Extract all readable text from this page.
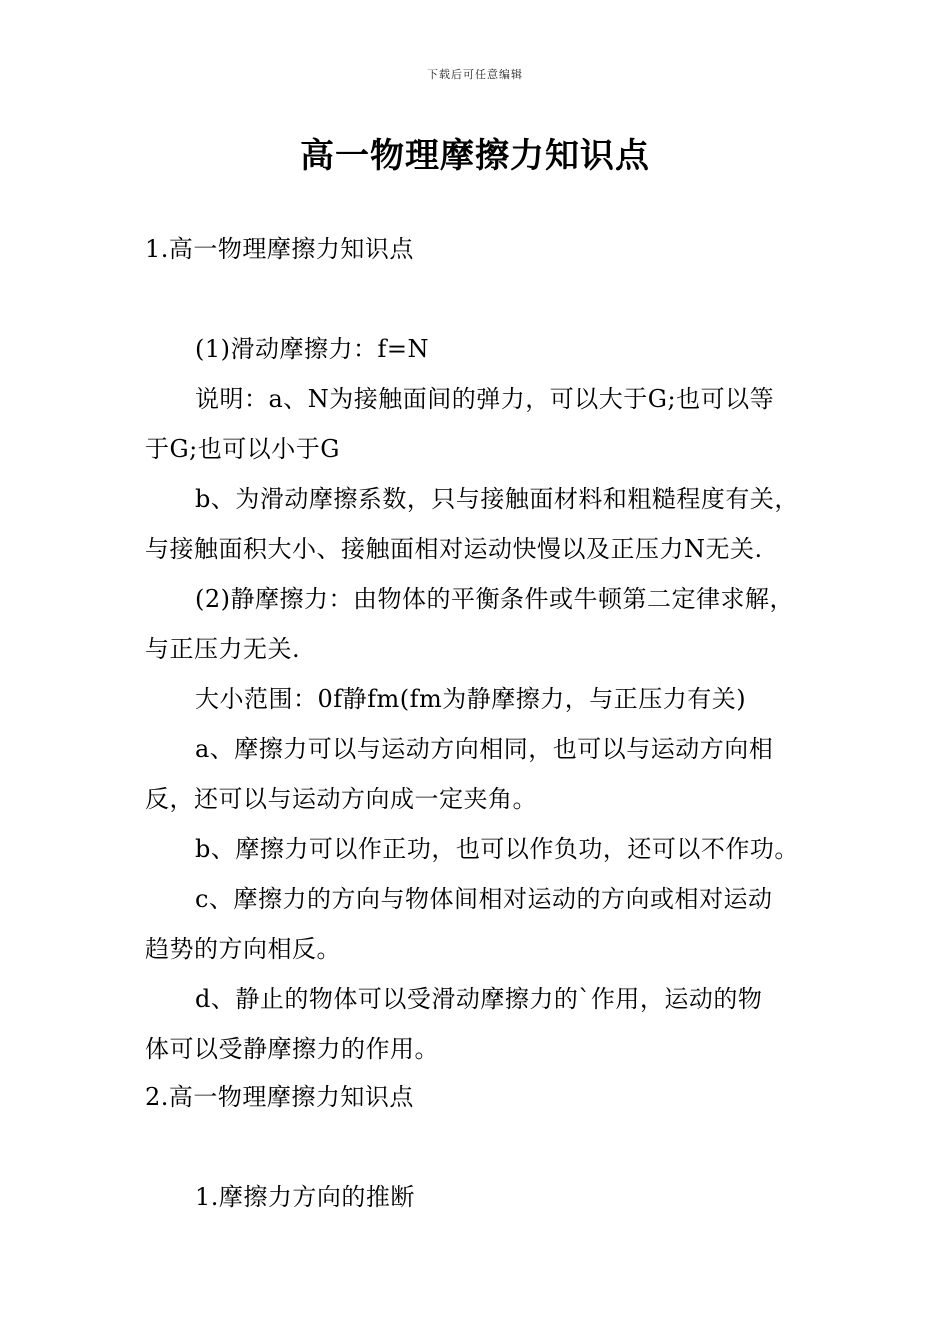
下载后可任意编辑
高一物理摩擦力知识点
1.高一物理摩擦力知识点
(1)滑动摩擦力：f=N
说明：a、N为接触面间的弹力，可以大于G;也可以等
于G;也可以小于G
b、为滑动摩擦系数，只与接触面材料和粗糙程度有关，
与接触面积大小、接触面相对运动快慢以及正压力N无关.
(2)静摩擦力：由物体的平衡条件或牛顿第二定律求解，
与正压力无关.
大小范围：0f静fm(fm为静摩擦力，与正压力有关)
a、摩擦力可以与运动方向相同，也可以与运动方向相
反，还可以与运动方向成一定夹角。
b、摩擦力可以作正功，也可以作负功，还可以不作功。
c、摩擦力的方向与物体间相对运动的方向或相对运动
趋势的方向相反。
d、静止的物体可以受滑动摩擦力的`作用，运动的物
体可以受静摩擦力的作用。
2.高一物理摩擦力知识点
1.摩擦力方向的推断
